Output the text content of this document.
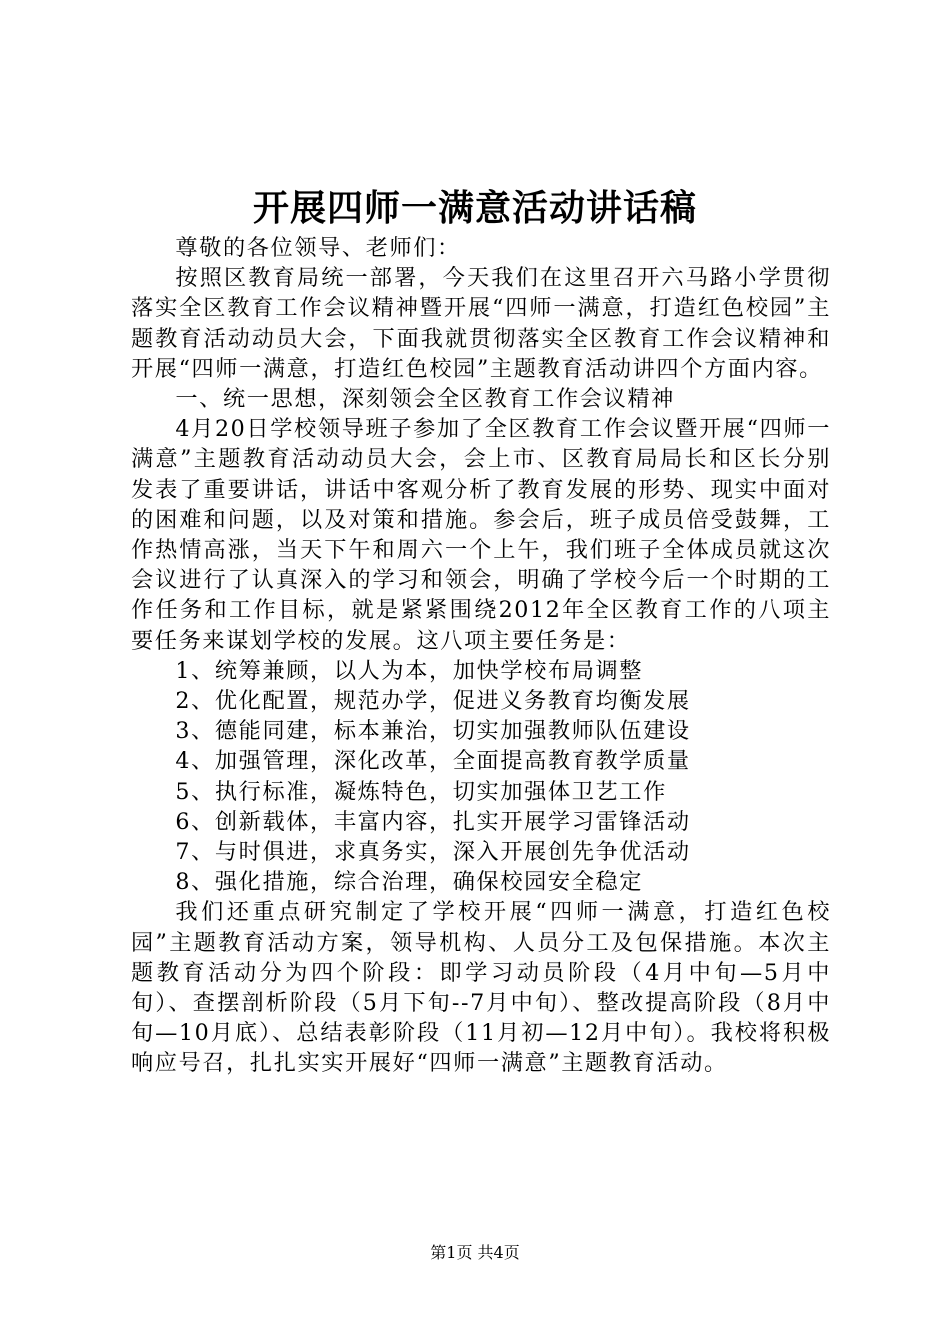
开展四师一满意活动讲话稿

尊敬的各位领导、老师们：

按照区教育局统一部署，今天我们在这里召开六马路小学贯彻落实全区教育工作会议精神暨开展“四师一满意，打造红色校园”主题教育活动动员大会，下面我就贯彻落实全区教育工作会议精神和开展“四师一满意，打造红色校园”主题教育活动讲四个方面内容。

一、统一思想，深刻领会全区教育工作会议精神

4月20日学校领导班子参加了全区教育工作会议暨开展“四师一满意”主题教育活动动员大会，会上市、区教育局局长和区长分别发表了重要讲话，讲话中客观分析了教育发展的形势、现实中面对的困难和问题，以及对策和措施。参会后，班子成员倍受鼓舞，工作热情高涨，当天下午和周六一个上午，我们班子全体成员就这次会议进行了认真深入的学习和领会，明确了学校今后一个时期的工作任务和工作目标，就是紧紧围绕2012年全区教育工作的八项主要任务来谋划学校的发展。这八项主要任务是：

1、统筹兼顾，以人为本，加快学校布局调整

2、优化配置，规范办学，促进义务教育均衡发展

3、德能同建，标本兼治，切实加强教师队伍建设

4、加强管理，深化改革，全面提高教育教学质量

5、执行标准，凝炼特色，切实加强体卫艺工作

6、创新载体，丰富内容，扎实开展学习雷锋活动

7、与时俱进，求真务实，深入开展创先争优活动

8、强化措施，综合治理，确保校园安全稳定

我们还重点研究制定了学校开展“四师一满意，打造红色校园”主题教育活动方案，领导机构、人员分工及包保措施。本次主题教育活动分为四个阶段：即学习动员阶段（4月中旬—5月中旬）、查摆剖析阶段（5月下旬--7月中旬）、整改提高阶段（8月中旬—10月底）、总结表彰阶段（11月初—12月中旬）。我校将积极响应号召，扎扎实实开展好“四师一满意”主题教育活动。

第1页 共4页
